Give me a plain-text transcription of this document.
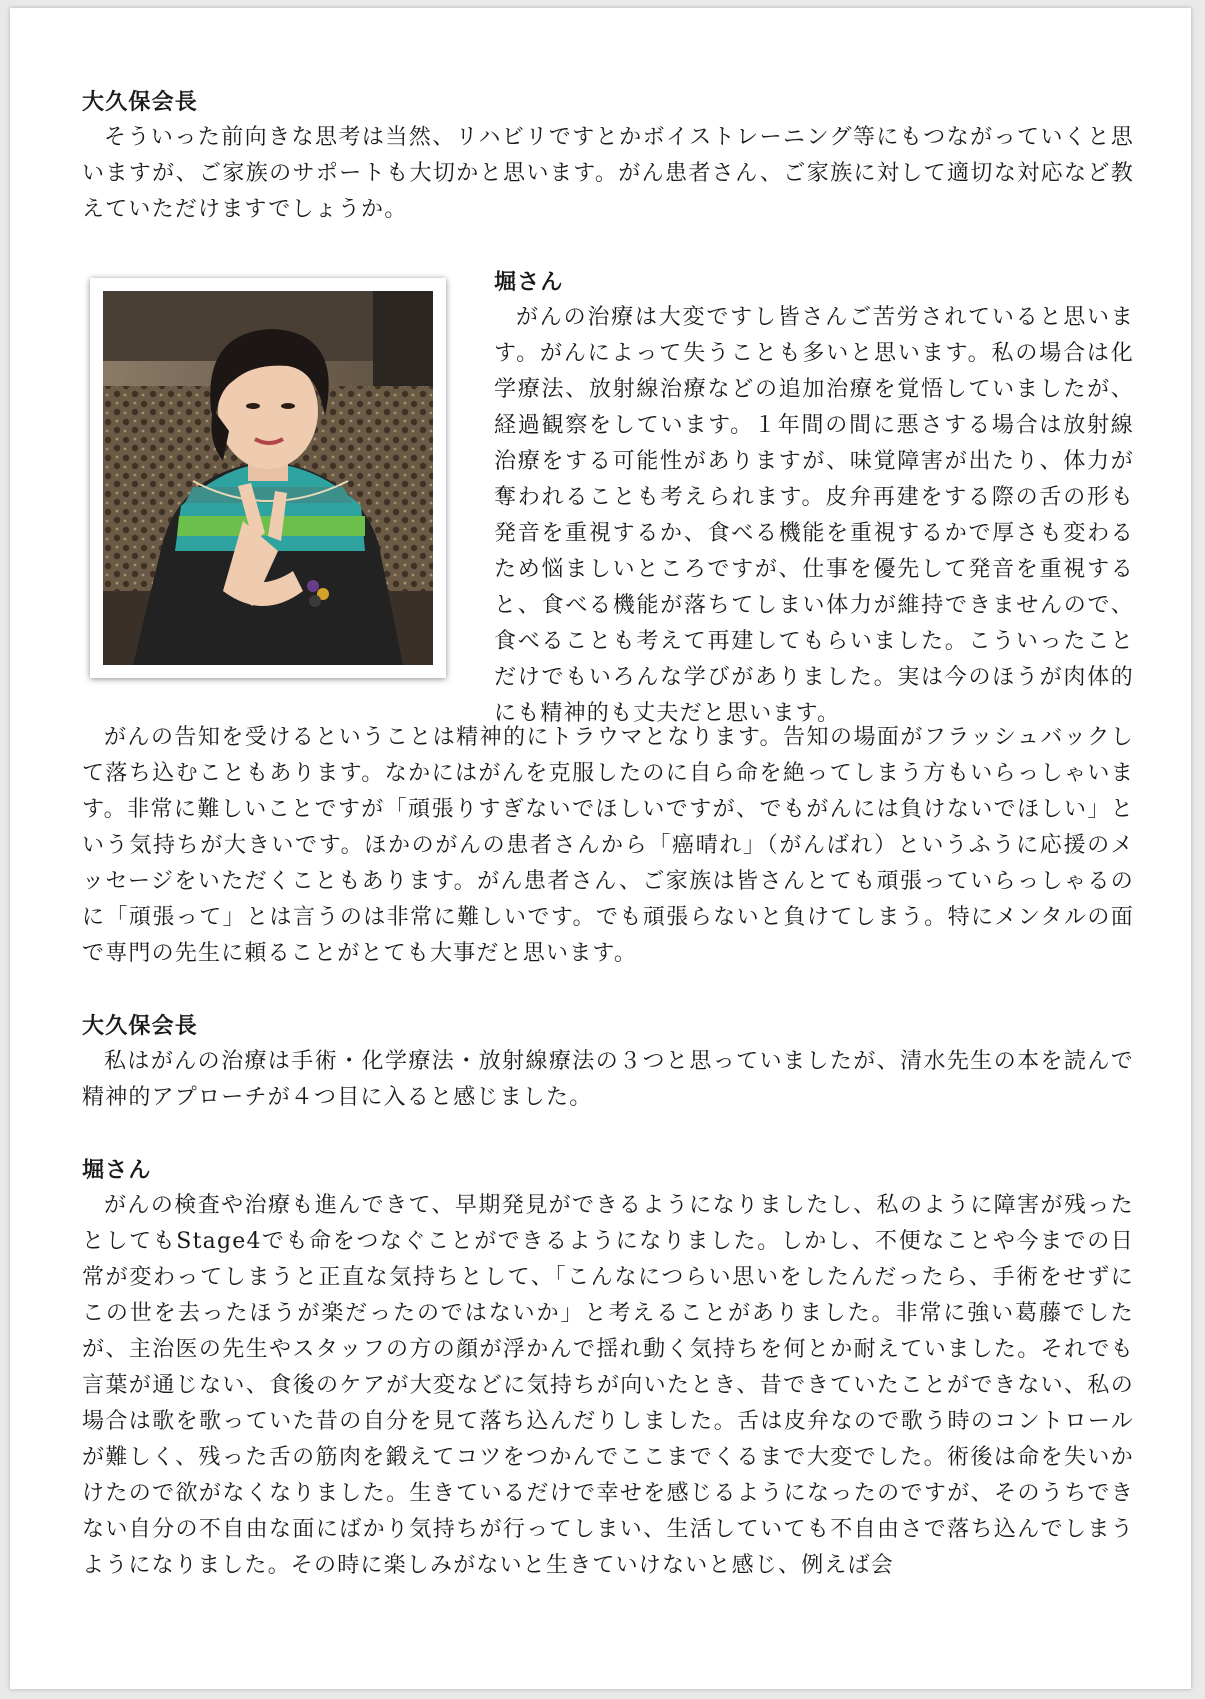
大久保会長

そういった前向きな思考は当然、リハビリですとかボイストレーニング等にもつながっていくと思いますが、ご家族のサポートも大切かと思います。がん患者さん、ご家族に対して適切な対応など教えていただけますでしょうか。

堀さん

がんの治療は大変ですし皆さんご苦労されていると思います。がんによって失うことも多いと思います。私の場合は化学療法、放射線治療などの追加治療を覚悟していましたが、経過観察をしています。１年間の間に悪さする場合は放射線治療をする可能性がありますが、味覚障害が出たり、体力が奪われることも考えられます。皮弁再建をする際の舌の形も発音を重視するか、食べる機能を重視するかで厚さも変わるため悩ましいところですが、仕事を優先して発音を重視すると、食べる機能が落ちてしまい体力が維持できませんので、食べることも考えて再建してもらいました。こういったことだけでもいろんな学びがありました。実は今のほうが肉体的にも精神的も丈夫だと思います。

がんの告知を受けるということは精神的にトラウマとなります。告知の場面がフラッシュバックして落ち込むこともあります。なかにはがんを克服したのに自ら命を絶ってしまう方もいらっしゃいます。非常に難しいことですが「頑張りすぎないでほしいですが、でもがんには負けないでほしい」という気持ちが大きいです。ほかのがんの患者さんから「癌晴れ」（がんばれ）というふうに応援のメッセージをいただくこともあります。がん患者さん、ご家族は皆さんとても頑張っていらっしゃるのに「頑張って」とは言うのは非常に難しいです。でも頑張らないと負けてしまう。特にメンタルの面で専門の先生に頼ることがとても大事だと思います。

大久保会長

私はがんの治療は手術・化学療法・放射線療法の３つと思っていましたが、清水先生の本を読んで精神的アプローチが４つ目に入ると感じました。

堀さん

がんの検査や治療も進んできて、早期発見ができるようになりましたし、私のように障害が残ったとしてもStage4でも命をつなぐことができるようになりました。しかし、不便なことや今までの日常が変わってしまうと正直な気持ちとして、「こんなにつらい思いをしたんだったら、手術をせずにこの世を去ったほうが楽だったのではないか」と考えることがありました。非常に強い葛藤でしたが、主治医の先生やスタッフの方の顔が浮かんで揺れ動く気持ちを何とか耐えていました。それでも言葉が通じない、食後のケアが大変などに気持ちが向いたとき、昔できていたことができない、私の場合は歌を歌っていた昔の自分を見て落ち込んだりしました。舌は皮弁なので歌う時のコントロールが難しく、残った舌の筋肉を鍛えてコツをつかんでここまでくるまで大変でした。術後は命を失いかけたので欲がなくなりました。生きているだけで幸せを感じるようになったのですが、そのうちできない自分の不自由な面にばかり気持ちが行ってしまい、生活していても不自由さで落ち込んでしまうようになりました。その時に楽しみがないと生きていけないと感じ、例えば会
